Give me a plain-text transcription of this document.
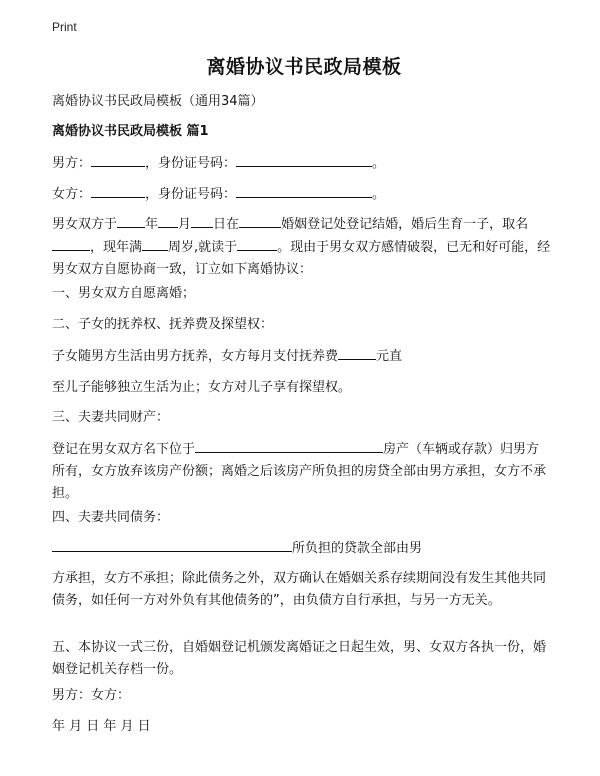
Print
离婚协议书民政局模板
离婚协议书民政局模板（通用34篇）
离婚协议书民政局模板 篇1
男方：	，身份证号码：	。
女方：	，身份证号码：	。
男女双方于 年 月 日在	婚姻登记处登记结婚，婚后生育一子，取名，现年满 周岁,就读于	。现由于男女双方感情破裂，已无和好可能，经男女双方自愿协商一致，订立如下离婚协议：
一、男女双方自愿离婚；
二、子女的抚养权、抚养费及探望权：
子女随男方生活由男方抚养，女方每月支付抚养费	元直
至儿子能够独立生活为止；女方对儿子享有探望权。
三、夫妻共同财产：
登记在男女双方名下位于	房产（车辆或存款）归男方所有，女方放弃该房产份额；离婚之后该房产所负担的房贷全部由男方承担，女方不承担。
四、夫妻共同债务：
所负担的贷款全部由男
方承担，女方不承担；除此债务之外，双方确认在婚姻关系存续期间没有发生其他共同债务，如任何一方对外负有其他债务的”，由负债方自行承担，与另一方无关。
五、本协议一式三份，自婚姻登记机颁发离婚证之日起生效，男、女双方各执一份，婚姻登记机关存档一份。
男方：女方：
年 月 日 年 月 日
